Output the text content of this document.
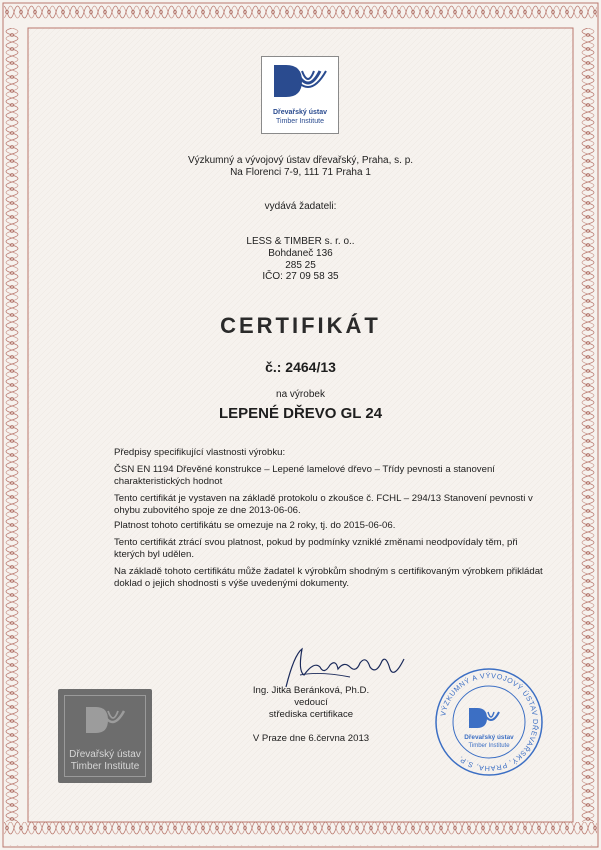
Dřevařský ústav
Timber Institute
Výzkumný a vývojový ústav dřevařský, Praha, s. p.
Na Florenci 7-9, 111 71 Praha 1
vydává žadateli:
LESS & TIMBER s. r. o..
Bohdaneč 136
285 25
IČO: 27 09 58 35
CERTIFIKÁT
č.: 2464/13
na výrobek
LEPENÉ DŘEVO GL 24
Předpisy specifikující vlastnosti výrobku:
ČSN EN 1194 Dřevěné konstrukce – Lepené lamelové dřevo – Třídy pevnosti a stanovení charakteristických hodnot
Tento certifikát je vystaven na základě protokolu o zkoušce č. FCHL – 294/13 Stanovení pevnosti v ohybu zubovitého spoje ze dne 2013-06-06.
Platnost tohoto certifikátu se omezuje na 2 roky, tj. do 2015-06-06.
Tento certifikát ztrácí svou platnost, pokud by podmínky vzniklé změnami neodpovídaly těm, při kterých byl udělen.
Na základě tohoto certifikátu může žadatel k výrobkům shodným s certifikovaným výrobkem přikládat doklad o jejich shodnosti s výše uvedenými dokumenty.
Ing. Jitka Beránková, Ph.D.
vedoucí
střediska certifikace
V Praze dne 6.června 2013
Dřevařský ústav
Timber Institute
VÝZKUMNÝ A VÝVOJOVÝ ÚSTAV DŘEVAŘSKÝ, PRAHA, S.P.
Dřevařský ústav
Timber Institute
